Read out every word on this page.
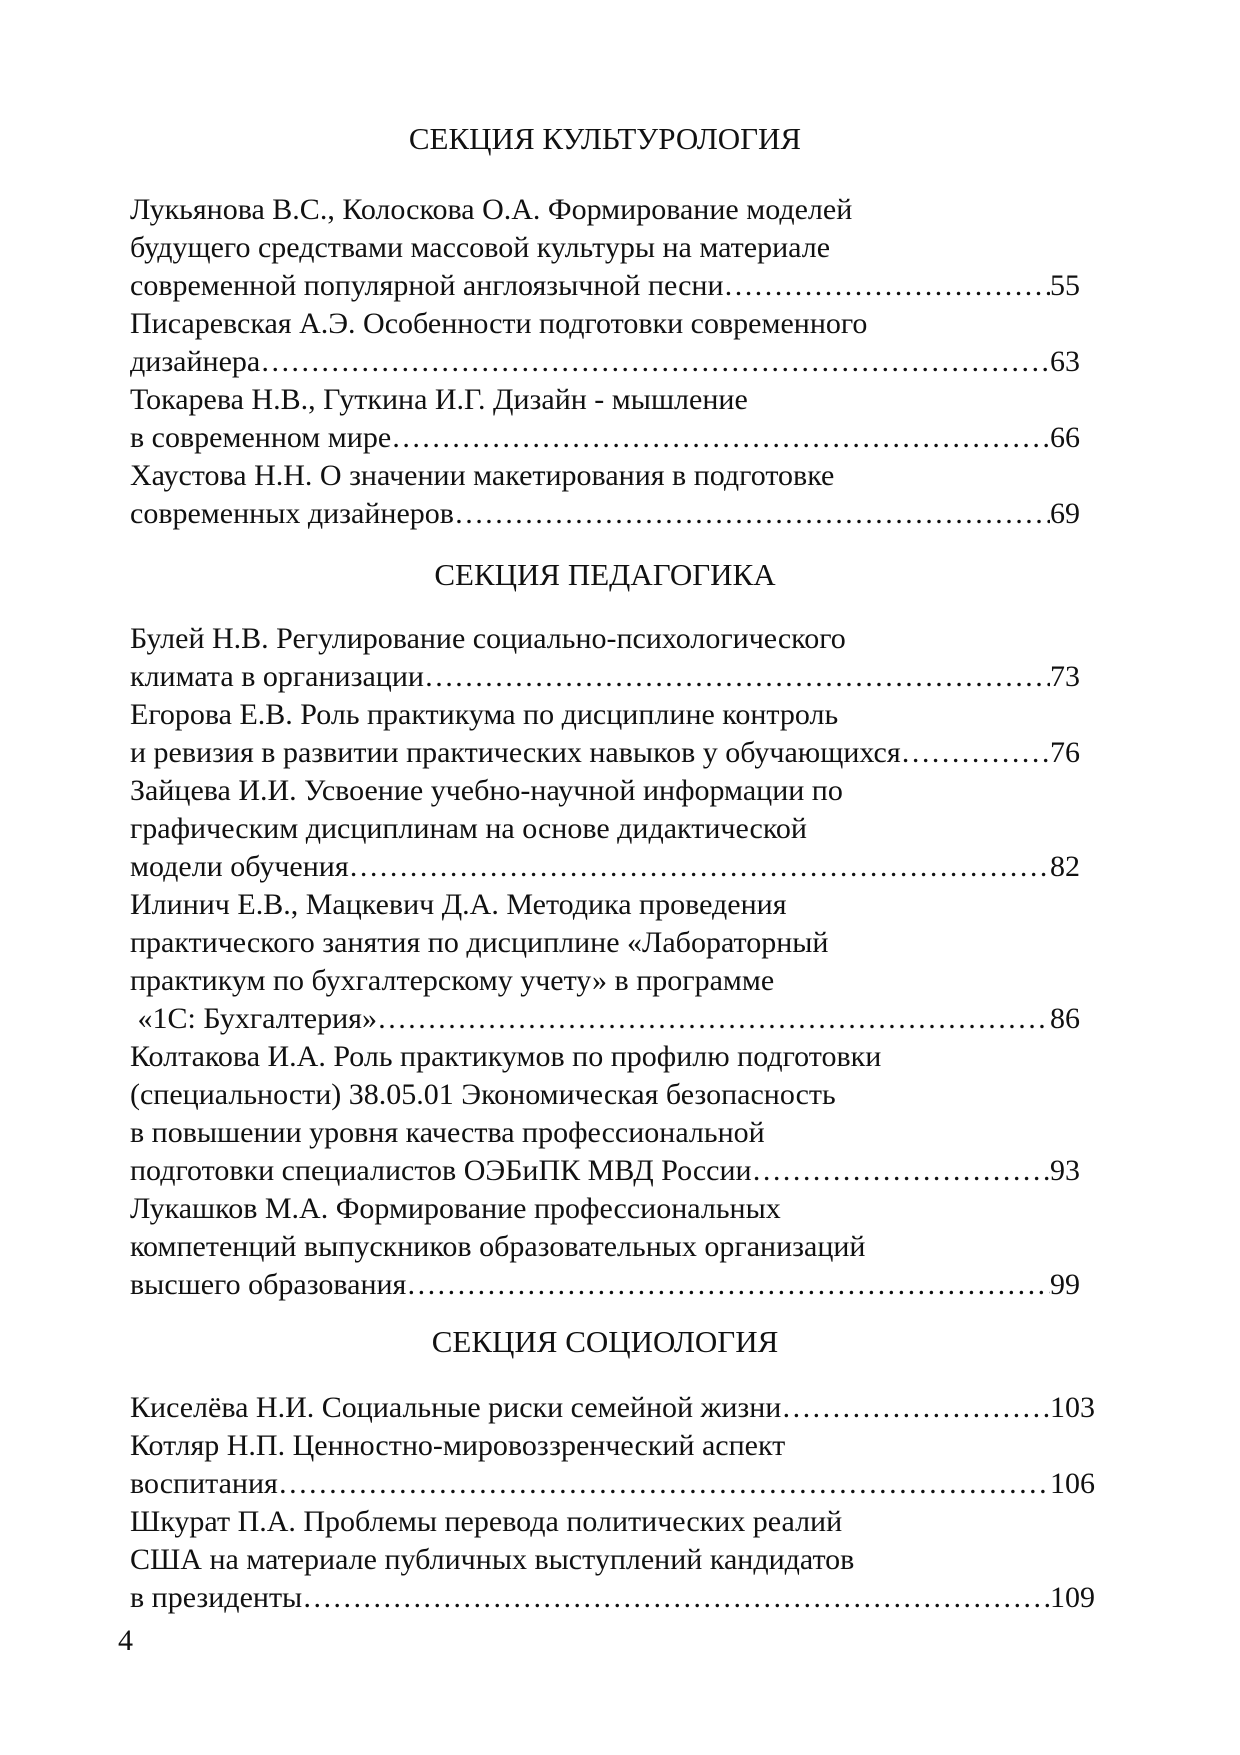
СЕКЦИЯ КУЛЬТУРОЛОГИЯ
Лукьянова В.С., Колоскова О.А. Формирование моделей
будущего средствами массовой культуры на материале
современной популярной англоязычной песни …………………………………………………………………………………………………………………………………………	55
Писаревская А.Э. Особенности подготовки современного
дизайнера …………………………………………………………………………………………………………………………………………	63
Токарева Н.В., Гуткина И.Г. Дизайн - мышление
в современном мире …………………………………………………………………………………………………………………………………………	66
Хаустова Н.Н. О значении макетирования в подготовке
современных дизайнеров …………………………………………………………………………………………………………………………………………	69
СЕКЦИЯ ПЕДАГОГИКА
Булей Н.В. Регулирование социально-психологического
климата в организации …………………………………………………………………………………………………………………………………………	73
Егорова Е.В. Роль практикума по дисциплине контроль
и ревизия в развитии практических навыков у обучающихся …………………………………………………………………………………………………………………………………………	76
Зайцева И.И. Усвоение учебно-научной информации по
графическим дисциплинам на основе дидактической
модели обучения …………………………………………………………………………………………………………………………………………	82
Илинич Е.В., Мацкевич Д.А. Методика проведения
практического занятия по дисциплине «Лабораторный
практикум по бухгалтерскому учету» в программе
«1С: Бухгалтерия» …………………………………………………………………………………………………………………………………………	86
Колтакова И.А. Роль практикумов по профилю подготовки
(специальности) 38.05.01 Экономическая безопасность
в повышении уровня качества профессиональной
подготовки специалистов ОЭБиПК МВД России …………………………………………………………………………………………………………………………………………	93
Лукашков М.А. Формирование профессиональных
компетенций выпускников образовательных организаций
высшего образования …………………………………………………………………………………………………………………………………………	99
СЕКЦИЯ СОЦИОЛОГИЯ
Киселёва Н.И. Социальные риски семейной жизни …………………………………………………………………………………………………………………………………………	103
Котляр Н.П. Ценностно-мировоззренческий аспект
воспитания …………………………………………………………………………………………………………………………………………	106
Шкурат П.А. Проблемы перевода политических реалий
США на материале публичных выступлений кандидатов
в президенты …………………………………………………………………………………………………………………………………………	109
4
